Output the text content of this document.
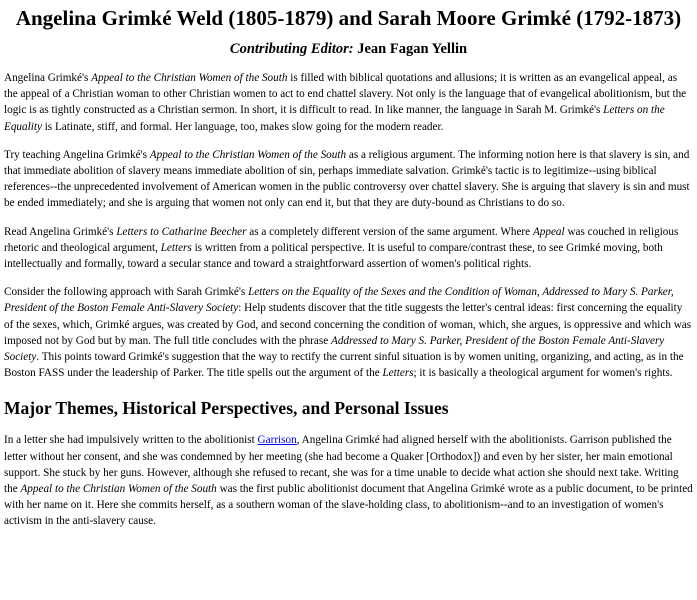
Angelina Grimké Weld (1805-1879) and Sarah Moore Grimké (1792-1873)

Contributing Editor: Jean Fagan Yellin

Angelina Grimké's Appeal to the Christian Women of the South is filled with biblical quotations and allusions; it is written as an evangelical appeal, as the appeal of a Christian woman to other Christian women to act to end chattel slavery. Not only is the language that of evangelical abolitionism, but the logic is as tightly constructed as a Christian sermon. In short, it is difficult to read. In like manner, the language in Sarah M. Grimké's Letters on the Equality is Latinate, stiff, and formal. Her language, too, makes slow going for the modern reader.

Try teaching Angelina Grimké's Appeal to the Christian Women of the South as a religious argument. The informing notion here is that slavery is sin, and that immediate abolition of slavery means immediate abolition of sin, perhaps immediate salvation. Grimké's tactic is to legitimize--using biblical references--the unprecedented involvement of American women in the public controversy over chattel slavery. She is arguing that slavery is sin and must be ended immediately; and she is arguing that women not only can end it, but that they are duty-bound as Christians to do so.

Read Angelina Grimké's Letters to Catharine Beecher as a completely different version of the same argument. Where Appeal was couched in religious rhetoric and theological argument, Letters is written from a political perspective. It is useful to compare/contrast these, to see Grimké moving, both intellectually and formally, toward a secular stance and toward a straightforward assertion of women's political rights.

Consider the following approach with Sarah Grimké's Letters on the Equality of the Sexes and the Condition of Woman, Addressed to Mary S. Parker, President of the Boston Female Anti-Slavery Society: Help students discover that the title suggests the letter's central ideas: first concerning the equality of the sexes, which, Grimké argues, was created by God, and second concerning the condition of woman, which, she argues, is oppressive and which was imposed not by God but by man. The full title concludes with the phrase Addressed to Mary S. Parker, President of the Boston Female Anti-Slavery Society. This points toward Grimké's suggestion that the way to rectify the current sinful situation is by women uniting, organizing, and acting, as in the Boston FASS under the leadership of Parker. The title spells out the argument of the Letters; it is basically a theological argument for women's rights.

Major Themes, Historical Perspectives, and Personal Issues

In a letter she had impulsively written to the abolitionist Garrison, Angelina Grimké had aligned herself with the abolitionists. Garrison published the letter without her consent, and she was condemned by her meeting (she had become a Quaker [Orthodox]) and even by her sister, her main emotional support. She stuck by her guns. However, although she refused to recant, she was for a time unable to decide what action she should next take. Writing the Appeal to the Christian Women of the South was the first public abolitionist document that Angelina Grimké wrote as a public document, to be printed with her name on it. Here she commits herself, as a southern woman of the slave-holding class, to abolitionism--and to an investigation of women's activism in the anti-slavery cause.
